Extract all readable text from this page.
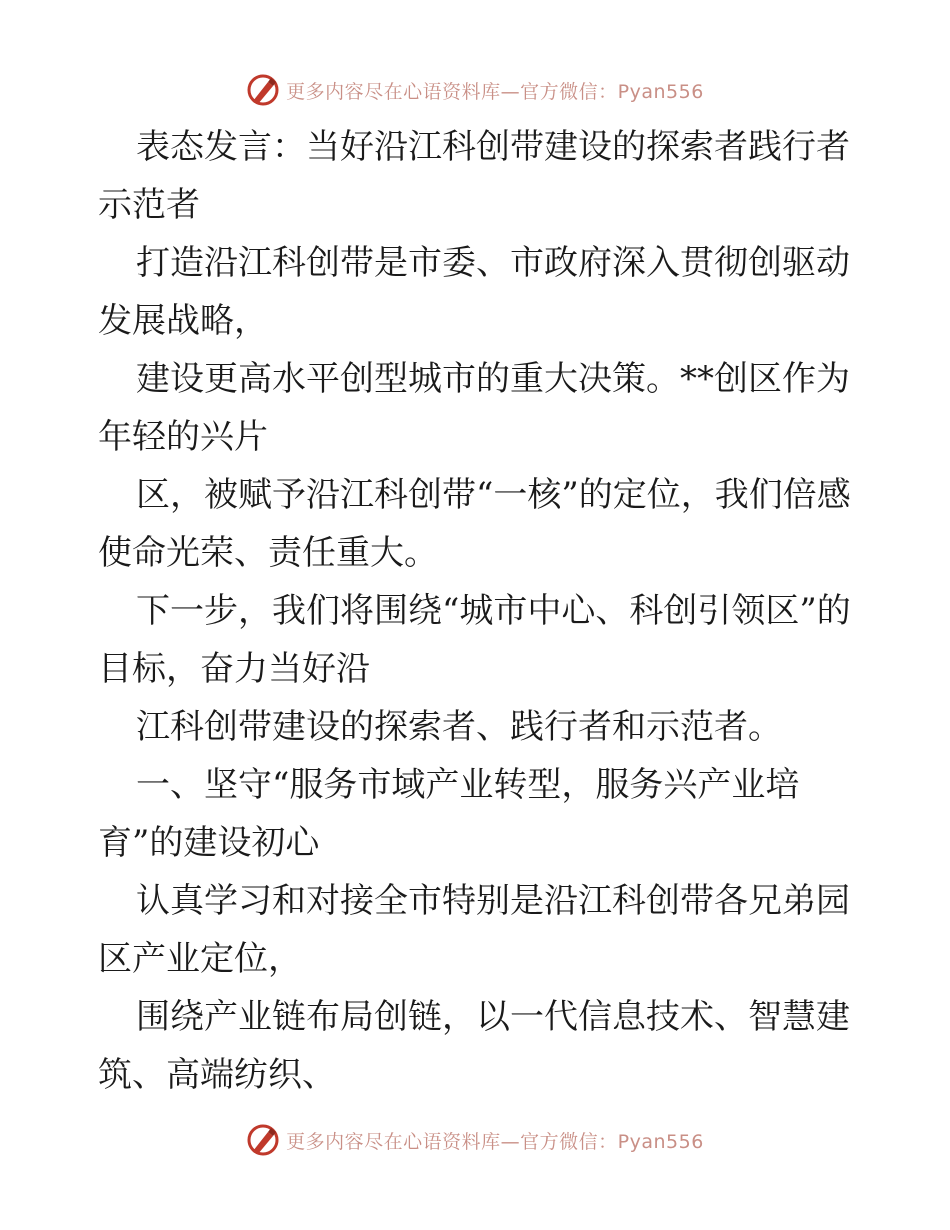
更多内容尽在心语资料库—官方微信：Pyan556

表态发言：当好沿江科创带建设的探索者践行者示范者

打造沿江科创带是市委、市政府深入贯彻创驱动发展战略，

建设更高水平创型城市的重大决策。**创区作为年轻的兴片

区，被赋予沿江科创带“一核”的定位，我们倍感使命光荣、责任重大。

下一步，我们将围绕“城市中心、科创引领区”的目标，奋力当好沿

江科创带建设的探索者、践行者和示范者。

一、坚守“服务市域产业转型，服务兴产业培育”的建设初心

认真学习和对接全市特别是沿江科创带各兄弟园区产业定位，

围绕产业链布局创链，以一代信息技术、智慧建筑、高端纺织、

更多内容尽在心语资料库—官方微信：Pyan556
